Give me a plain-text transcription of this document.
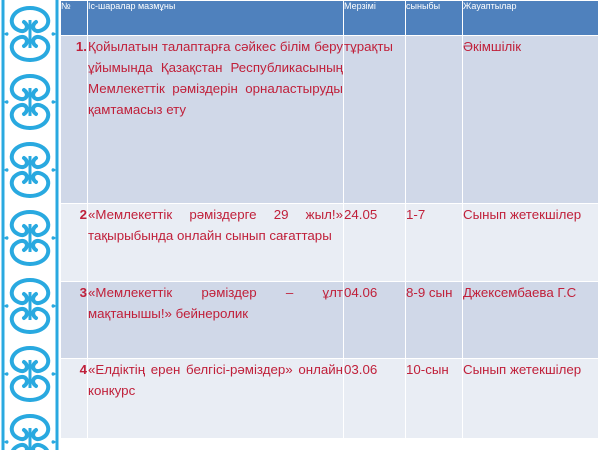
№	Іс-шаралар мазмұны	Мерзімі	сыныбы	Жауаптылар
1.	Қойылатын талаптарға сәйкес білім беру ұйымында Қазақстан Республикасының Мемлекеттік рәміздерін орналастыруды қамтамасыз ету	тұрақты		Әкімшілік
2	«Мемлекеттік рәміздерге 29 жыл!» тақырыбында онлайн сынып сағаттары	24.05	1-7	Сынып жетекшілер
3	«Мемлекеттік рәміздер – ұлт мақтанышы!» бейнеролик	04.06	8-9 сын	Джексембаева Г.С
4	«Елдіктің ерен белгісі-рәміздер» онлайн конкурс	03.06	10-сын	Сынып жетекшілер
